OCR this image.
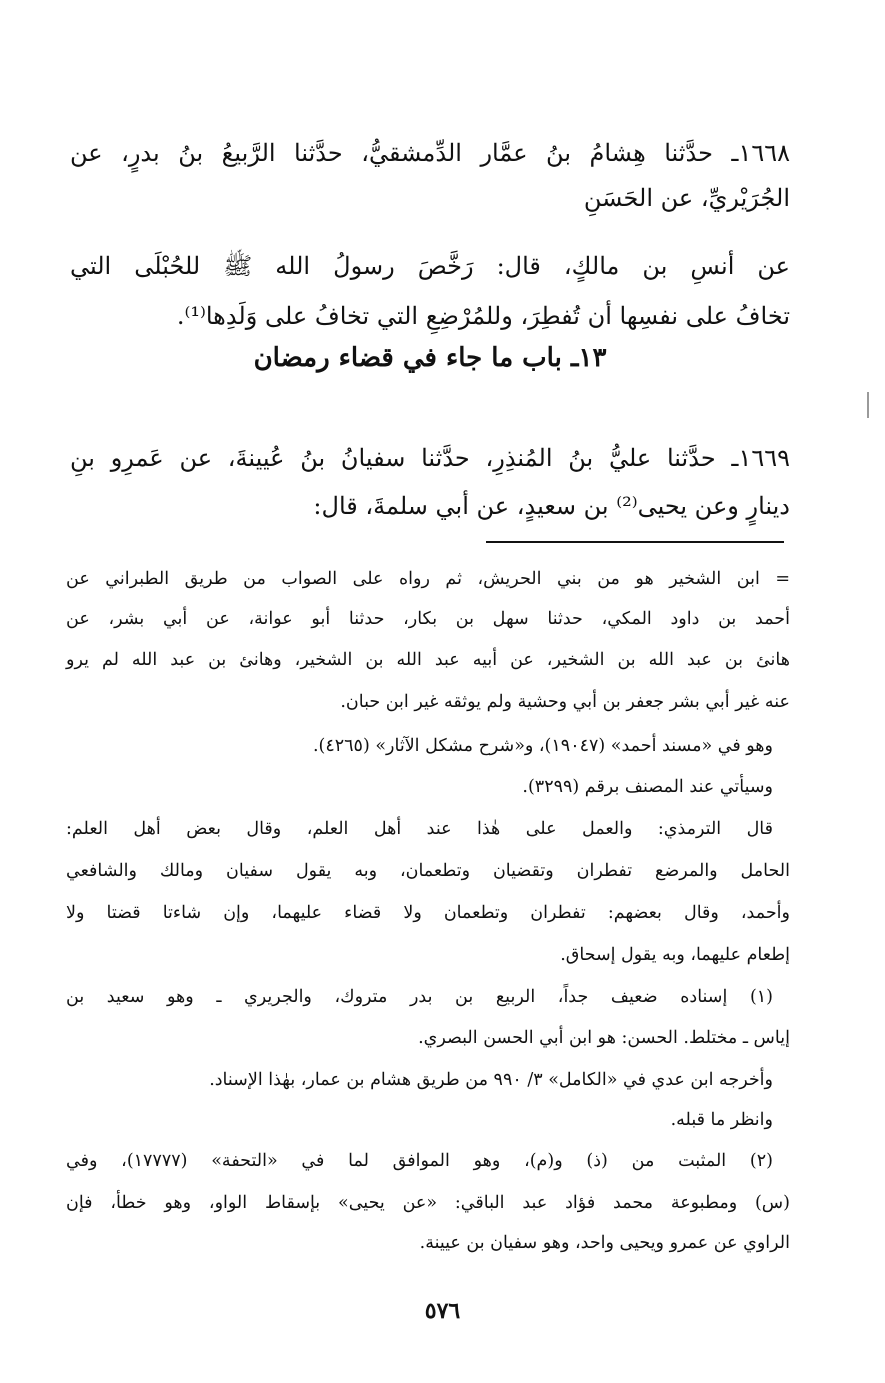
١٦٦٨ـ حدَّثنا هِشامُ بنُ عمَّار الدِّمشقيُّ، حدَّثنا الرَّبيعُ بنُ بدرٍ، عن
الجُرَيْريِّ، عن الحَسَنِ
عن أنسِ بن مالكٍ، قال: رَخَّصَ رسولُ الله ﷺ للحُبْلَى التي
تخافُ على نفسِها أن تُفطِرَ، وللمُرْضِعِ التي تخافُ على وَلَدِها⁽¹⁾.
١٣ـ باب ما جاء في قضاء رمضان
١٦٦٩ـ حدَّثنا عليُّ بنُ المُنذِرِ، حدَّثنا سفيانُ بنُ عُيينةَ، عن عَمرِو بنِ
دينارٍ وعن يحيى⁽²⁾ بن سعيدٍ، عن أبي سلمةَ، قال:
= ابن الشخير هو من بني الحريش، ثم رواه على الصواب من طريق الطبراني عن
أحمد بن داود المكي، حدثنا سهل بن بكار، حدثنا أبو عوانة، عن أبي بشر، عن
هانئ بن عبد الله بن الشخير، عن أبيه عبد الله بن الشخير، وهانئ بن عبد الله لم يرو
عنه غير أبي بشر جعفر بن أبي وحشية ولم يوثقه غير ابن حبان.
وهو في «مسند أحمد» (١٩٠٤٧)، و«شرح مشكل الآثار» (٤٢٦٥).
وسيأتي عند المصنف برقم (٣٢٩٩).
قال الترمذي: والعمل على هٰذا عند أهل العلم، وقال بعض أهل العلم:
الحامل والمرضع تفطران وتقضيان وتطعمان، وبه يقول سفيان ومالك والشافعي
وأحمد، وقال بعضهم: تفطران وتطعمان ولا قضاء عليهما، وإن شاءتا قضتا ولا
إطعام عليهما، وبه يقول إسحاق.
(١) إسناده ضعيف جداً، الربيع بن بدر متروك، والجريري ـ وهو سعيد بن
إياس ـ مختلط. الحسن: هو ابن أبي الحسن البصري.
وأخرجه ابن عدي في «الكامل» ٣/ ٩٩٠ من طريق هشام بن عمار، بهٰذا الإسناد.
وانظر ما قبله.
(٢) المثبت من (ذ) و(م)، وهو الموافق لما في «التحفة» (١٧٧٧٧)، وفي
(س) ومطبوعة محمد فؤاد عبد الباقي: «عن يحيى» بإسقاط الواو، وهو خطأ، فإن
الراوي عن عمرو ويحيى واحد، وهو سفيان بن عيينة.
٥٧٦
